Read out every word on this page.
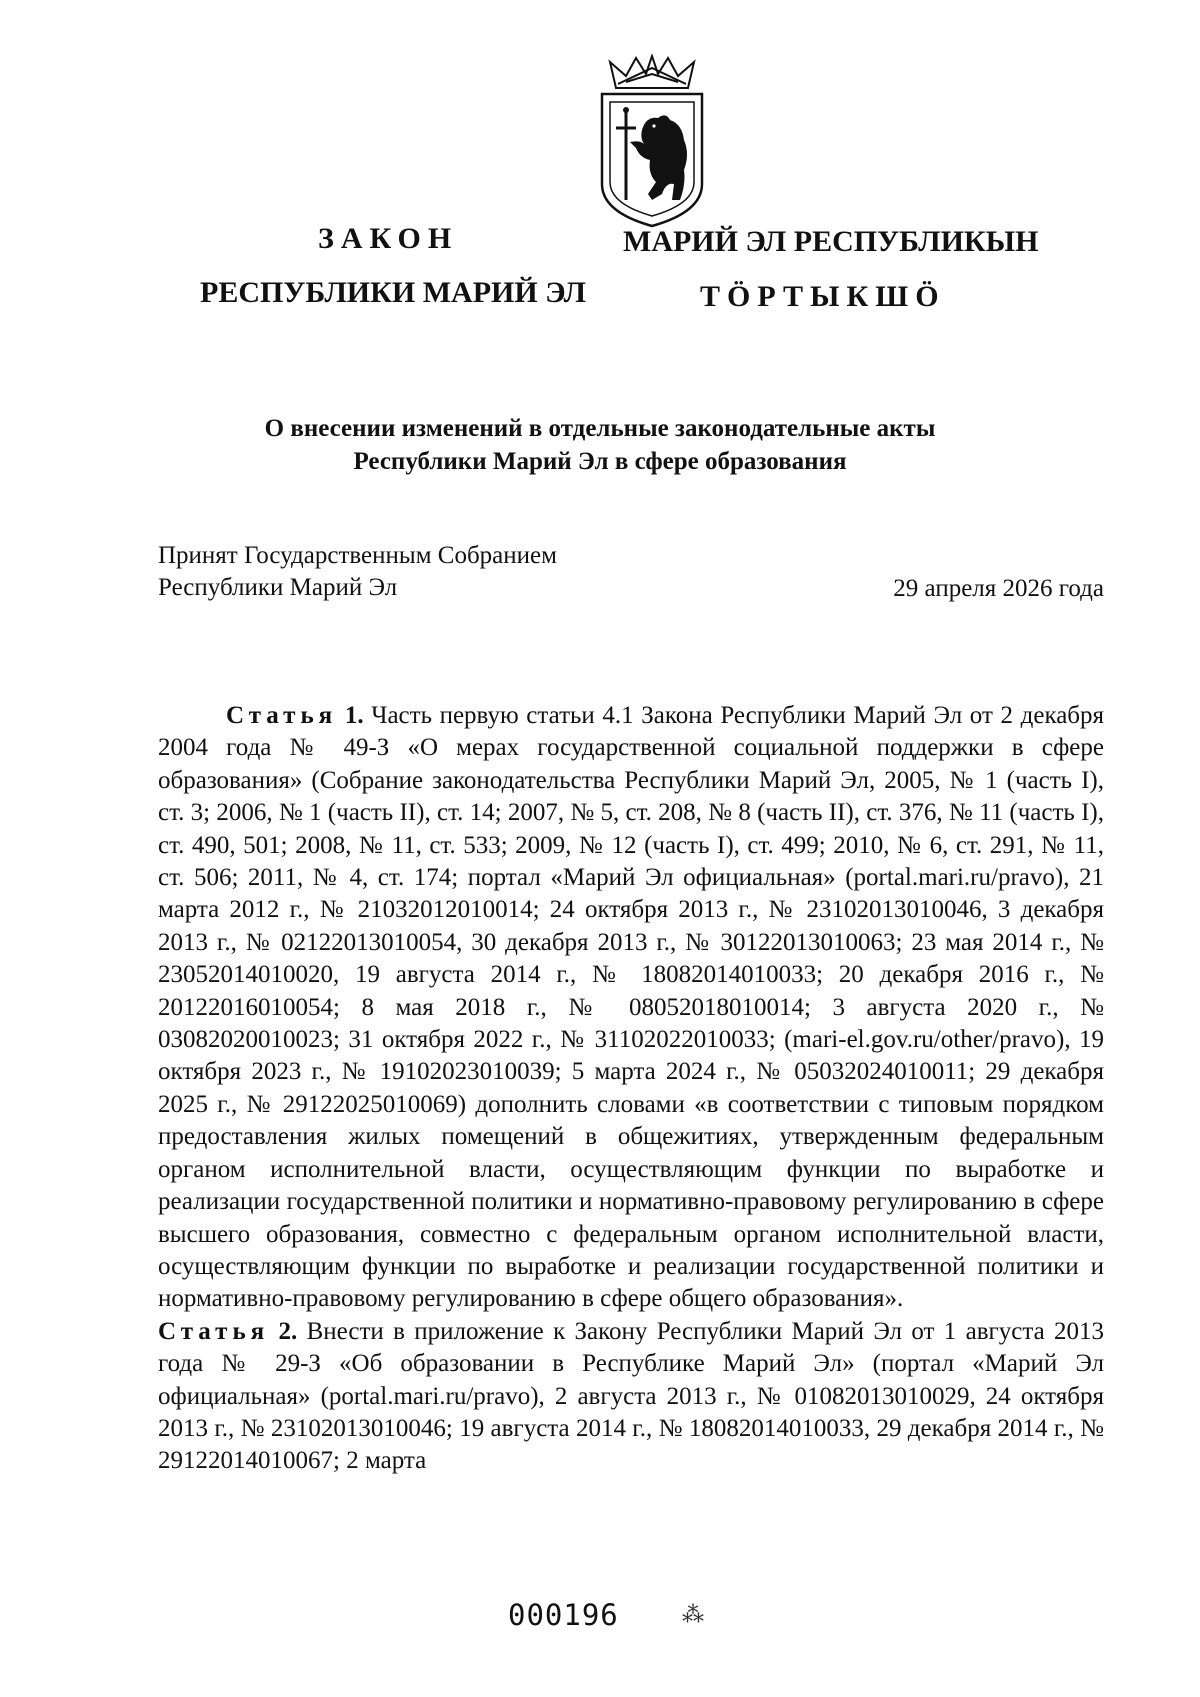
ЗАКОН
РЕСПУБЛИКИ МАРИЙ ЭЛ
МАРИЙ ЭЛ РЕСПУБЛИКЫН
ТӦРТЫКШӦ
О внесении изменений в отдельные законодательные акты
Республики Марий Эл в сфере образования
Принят Государственным Собранием
Республики Марий Эл	29 апреля 2026 года

Статья 1. Часть первую статьи 4.1 Закона Республики Марий Эл от 2 декабря 2004 года № 49-З «О мерах государственной социальной поддержки в сфере образования» (Собрание законодательства Республики Марий Эл, 2005, № 1 (часть I), ст. 3; 2006, № 1 (часть II), ст. 14; 2007, № 5, ст. 208, № 8 (часть II), ст. 376, № 11 (часть I), ст. 490, 501; 2008, № 11, ст. 533; 2009, № 12 (часть I), ст. 499; 2010, № 6, ст. 291, № 11, ст. 506; 2011, № 4, ст. 174; портал «Марий Эл официальная» (portal.mari.ru/pravo), 21 марта 2012 г., № 21032012010014; 24 октября 2013 г., № 23102013010046, 3 декабря 2013 г., № 02122013010054, 30 декабря 2013 г., № 30122013010063; 23 мая 2014 г., № 23052014010020, 19 августа 2014 г., № 18082014010033; 20 декабря 2016 г., № 20122016010054; 8 мая 2018 г., № 08052018010014; 3 августа 2020 г., № 03082020010023; 31 октября 2022 г., № 31102022010033; (mari-el.gov.ru/other/pravo), 19 октября 2023 г., № 19102023010039; 5 марта 2024 г., № 05032024010011; 29 декабря 2025 г., № 29122025010069) дополнить словами «в соответствии с типовым порядком предоставления жилых помещений в общежитиях, утвержденным федеральным органом исполнительной власти, осуществляющим функции по выработке и реализации государственной политики и нормативно-правовому регулированию в сфере высшего образования, совместно с федеральным органом исполнительной власти, осуществляющим функции по выработке и реализации государственной политики и нормативно-правовому регулированию в сфере общего образования».

Статья 2. Внести в приложение к Закону Республики Марий Эл от 1 августа 2013 года № 29-З «Об образовании в Республике Марий Эл» (портал «Марий Эл официальная» (portal.mari.ru/pravo), 2 августа 2013 г., № 01082013010029, 24 октября 2013 г., № 23102013010046; 19 августа 2014 г., № 18082014010033, 29 декабря 2014 г., № 29122014010067; 2 марта

000196	⁂
